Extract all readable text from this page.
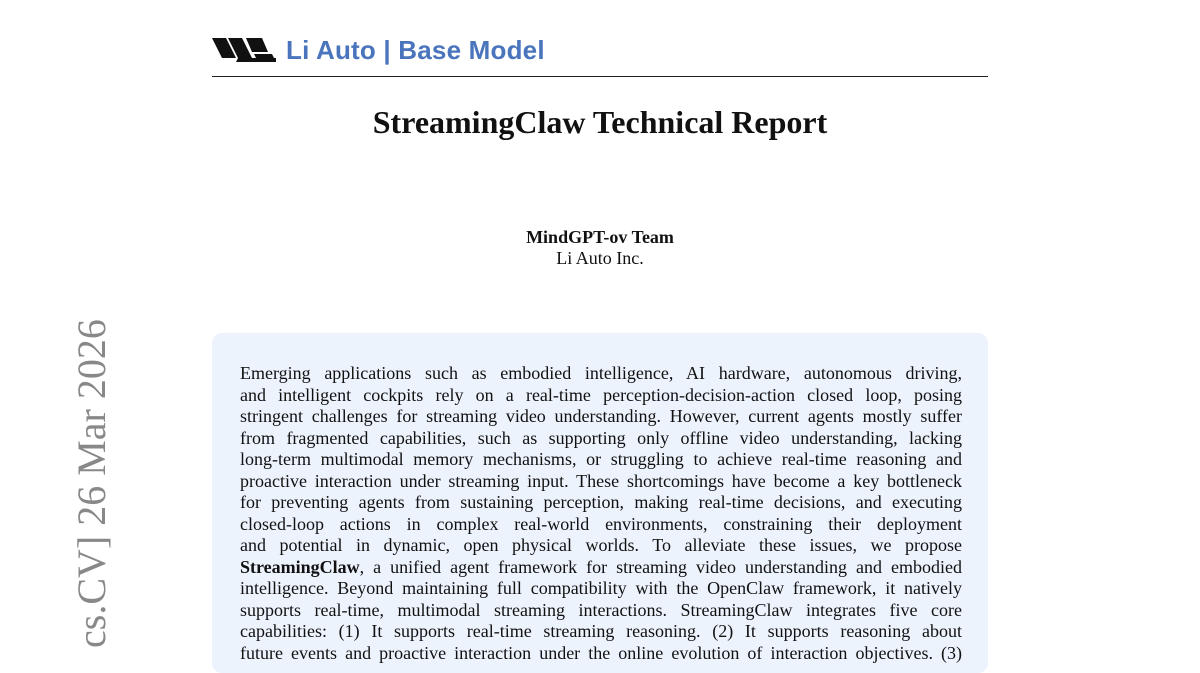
Li Auto | Base Model
cs.CV] 26 Mar 2026
StreamingClaw Technical Report
MindGPT-ov Team
Li Auto Inc.
Emerging applications such as embodied intelligence, AI hardware, autonomous driving,
and intelligent cockpits rely on a real-time perception-decision-action closed loop, posing
stringent challenges for streaming video understanding. However, current agents mostly suffer
from fragmented capabilities, such as supporting only offline video understanding, lacking
long-term multimodal memory mechanisms, or struggling to achieve real-time reasoning and
proactive interaction under streaming input. These shortcomings have become a key bottleneck
for preventing agents from sustaining perception, making real-time decisions, and executing
closed-loop actions in complex real-world environments, constraining their deployment
and potential in dynamic, open physical worlds. To alleviate these issues, we propose
StreamingClaw, a unified agent framework for streaming video understanding and embodied
intelligence. Beyond maintaining full compatibility with the OpenClaw framework, it natively
supports real-time, multimodal streaming interactions. StreamingClaw integrates five core
capabilities: (1) It supports real-time streaming reasoning. (2) It supports reasoning about
future events and proactive interaction under the online evolution of interaction objectives. (3)
